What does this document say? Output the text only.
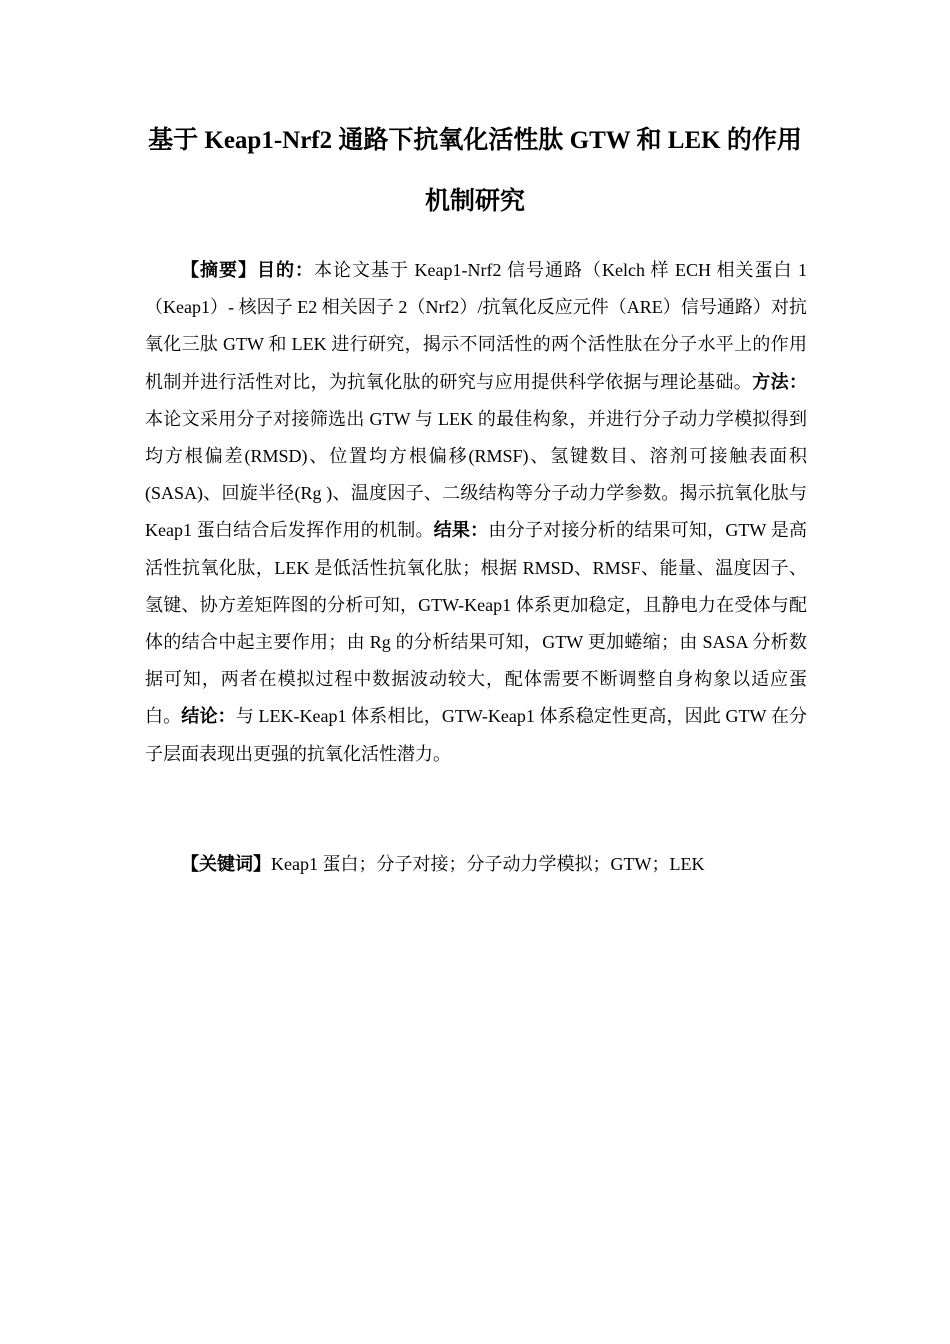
基于 Keap1-Nrf2 通路下抗氧化活性肽 GTW 和 LEK 的作用
机制研究

【摘要】目的：本论文基于 Keap1-Nrf2 信号通路（Kelch 样 ECH 相关蛋白 1（Keap1）- 核因子 E2 相关因子 2（Nrf2）/抗氧化反应元件（ARE）信号通路）对抗氧化三肽 GTW 和 LEK 进行研究，揭示不同活性的两个活性肽在分子水平上的作用机制并进行活性对比，为抗氧化肽的研究与应用提供科学依据与理论基础。方法：本论文采用分子对接筛选出 GTW 与 LEK 的最佳构象，并进行分子动力学模拟得到均方根偏差(RMSD)、位置均方根偏移(RMSF)、氢键数目、溶剂可接触表面积(SASA)、回旋半径(Rg )、温度因子、二级结构等分子动力学参数。揭示抗氧化肽与 Keap1 蛋白结合后发挥作用的机制。结果：由分子对接分析的结果可知，GTW 是高活性抗氧化肽，LEK 是低活性抗氧化肽；根据 RMSD、RMSF、能量、温度因子、氢键、协方差矩阵图的分析可知，GTW-Keap1 体系更加稳定，且静电力在受体与配体的结合中起主要作用；由 Rg 的分析结果可知，GTW 更加蜷缩；由 SASA 分析数据可知，两者在模拟过程中数据波动较大，配体需要不断调整自身构象以适应蛋白。结论：与 LEK-Keap1 体系相比，GTW-Keap1 体系稳定性更高，因此 GTW 在分子层面表现出更强的抗氧化活性潜力。

【关键词】Keap1 蛋白；分子对接；分子动力学模拟；GTW；LEK
